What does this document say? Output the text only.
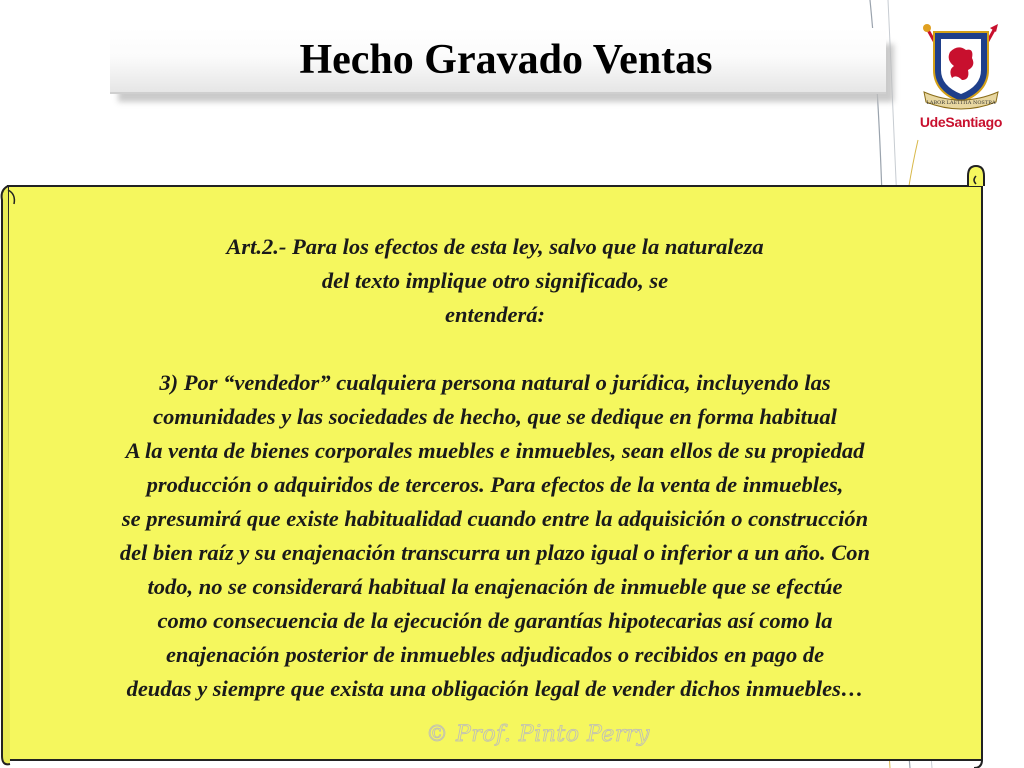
Hecho Gravado Ventas
LABOR LAETITIA NOSTRA
UdeSantiago

Art.2.- Para los efectos de esta ley, salvo que la naturaleza

del texto implique otro significado, se

entenderá:

3) Por “vendedor” cualquiera persona natural o jurídica, incluyendo las

comunidades y las sociedades de hecho, que se dedique en forma habitual

A la venta de bienes corporales muebles e inmuebles, sean ellos de su propiedad

producción o adquiridos de terceros. Para efectos de la venta de inmuebles,

se presumirá que existe habitualidad cuando entre la adquisición o construcción

del bien raíz y su enajenación transcurra un plazo igual o inferior a un año. Con

todo, no se considerará habitual la enajenación de inmueble que se efectúe

como consecuencia de la ejecución de garantías hipotecarias así como la

enajenación posterior de inmuebles adjudicados o recibidos en pago de

deudas y siempre que exista una obligación legal de vender dichos inmuebles…

© Prof. Pinto Perry
